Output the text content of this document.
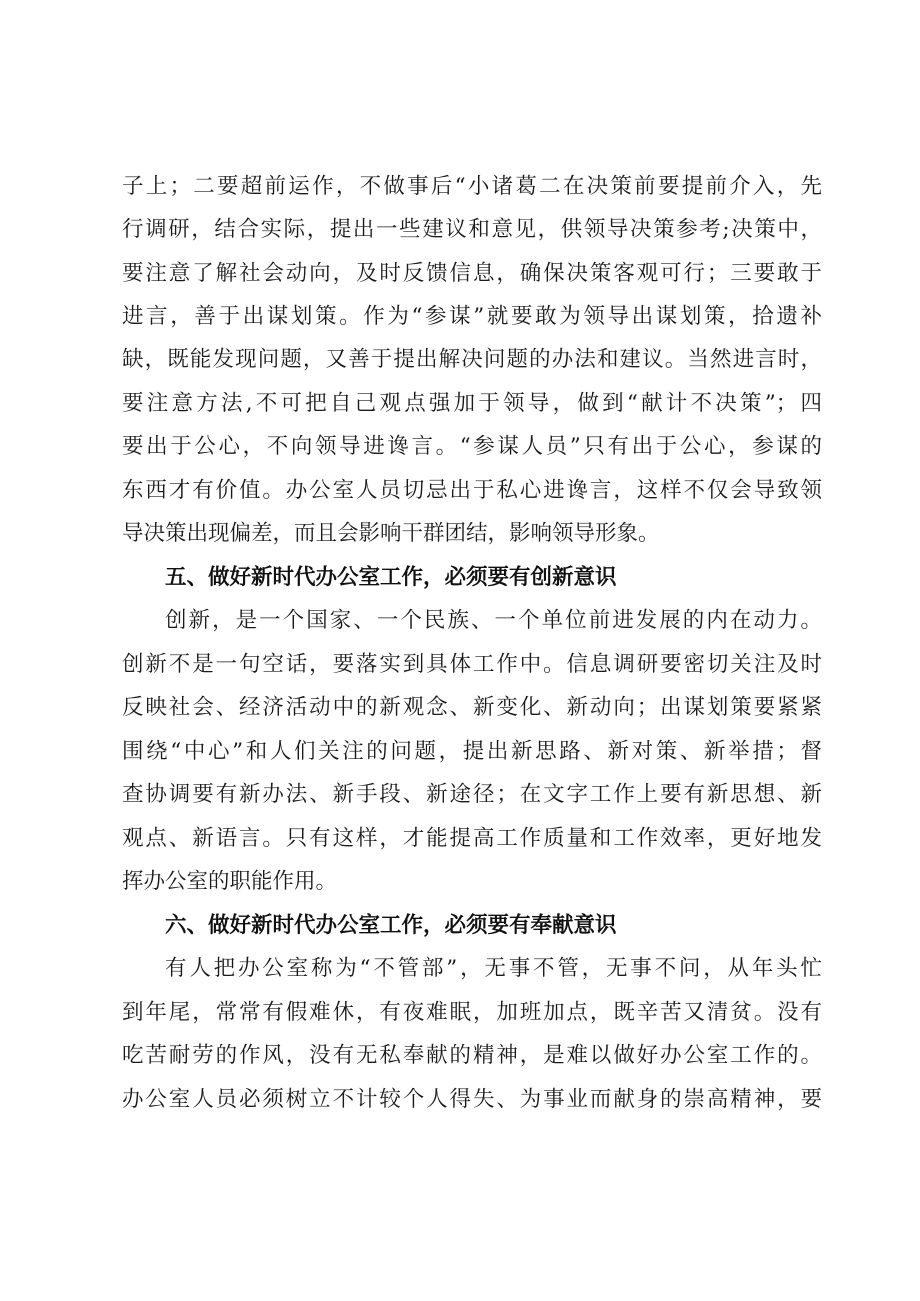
子上；二要超前运作，不做事后“小诸葛二在决策前要提前介入，先
行调研，结合实际，提出一些建议和意见，供领导决策参考;决策中，
要注意了解社会动向，及时反馈信息，确保决策客观可行；三要敢于
进言，善于出谋划策。作为“参谋”就要敢为领导出谋划策，拾遗补
缺，既能发现问题，又善于提出解决问题的办法和建议。当然进言时，
要注意方法,不可把自己观点强加于领导，做到“献计不决策”；四
要出于公心，不向领导进谗言。“参谋人员”只有出于公心，参谋的
东西才有价值。办公室人员切忌出于私心进谗言，这样不仅会导致领
导决策出现偏差，而且会影响干群团结，影响领导形象。
五、做好新时代办公室工作，必须要有创新意识
创新，是一个国家、一个民族、一个单位前进发展的内在动力。
创新不是一句空话，要落实到具体工作中。信息调研要密切关注及时
反映社会、经济活动中的新观念、新变化、新动向；出谋划策要紧紧
围绕“中心”和人们关注的问题，提出新思路、新对策、新举措；督
查协调要有新办法、新手段、新途径；在文字工作上要有新思想、新
观点、新语言。只有这样，才能提高工作质量和工作效率，更好地发
挥办公室的职能作用。
六、做好新时代办公室工作，必须要有奉献意识
有人把办公室称为“不管部”，无事不管，无事不问，从年头忙
到年尾，常常有假难休，有夜难眠，加班加点，既辛苦又清贫。没有
吃苦耐劳的作风，没有无私奉献的精神，是难以做好办公室工作的。
办公室人员必须树立不计较个人得失、为事业而献身的崇高精神，要
